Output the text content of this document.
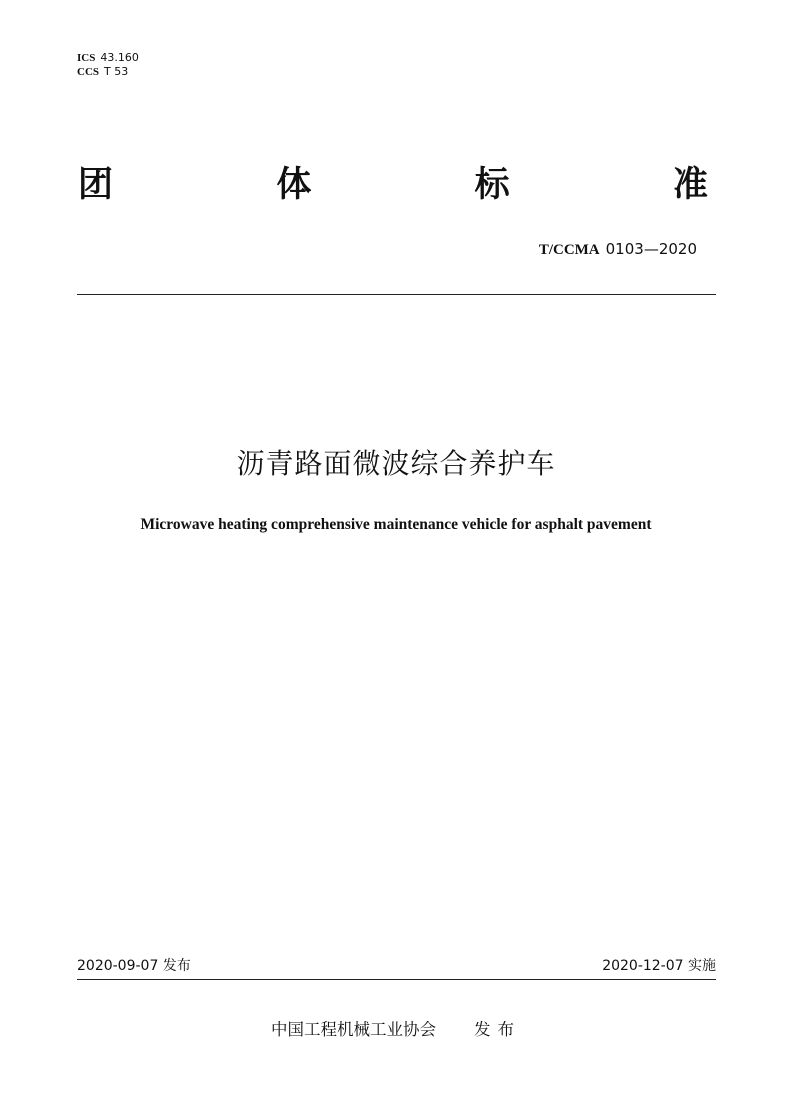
ICS 43.160
CCS T 53
团	体	标	准
T/CCMA 0103—2020
沥青路面微波综合养护车
Microwave heating comprehensive maintenance vehicle for asphalt pavement
2020-09-07 发布	2020-12-07 实施
中国工程机械工业协会 发布
